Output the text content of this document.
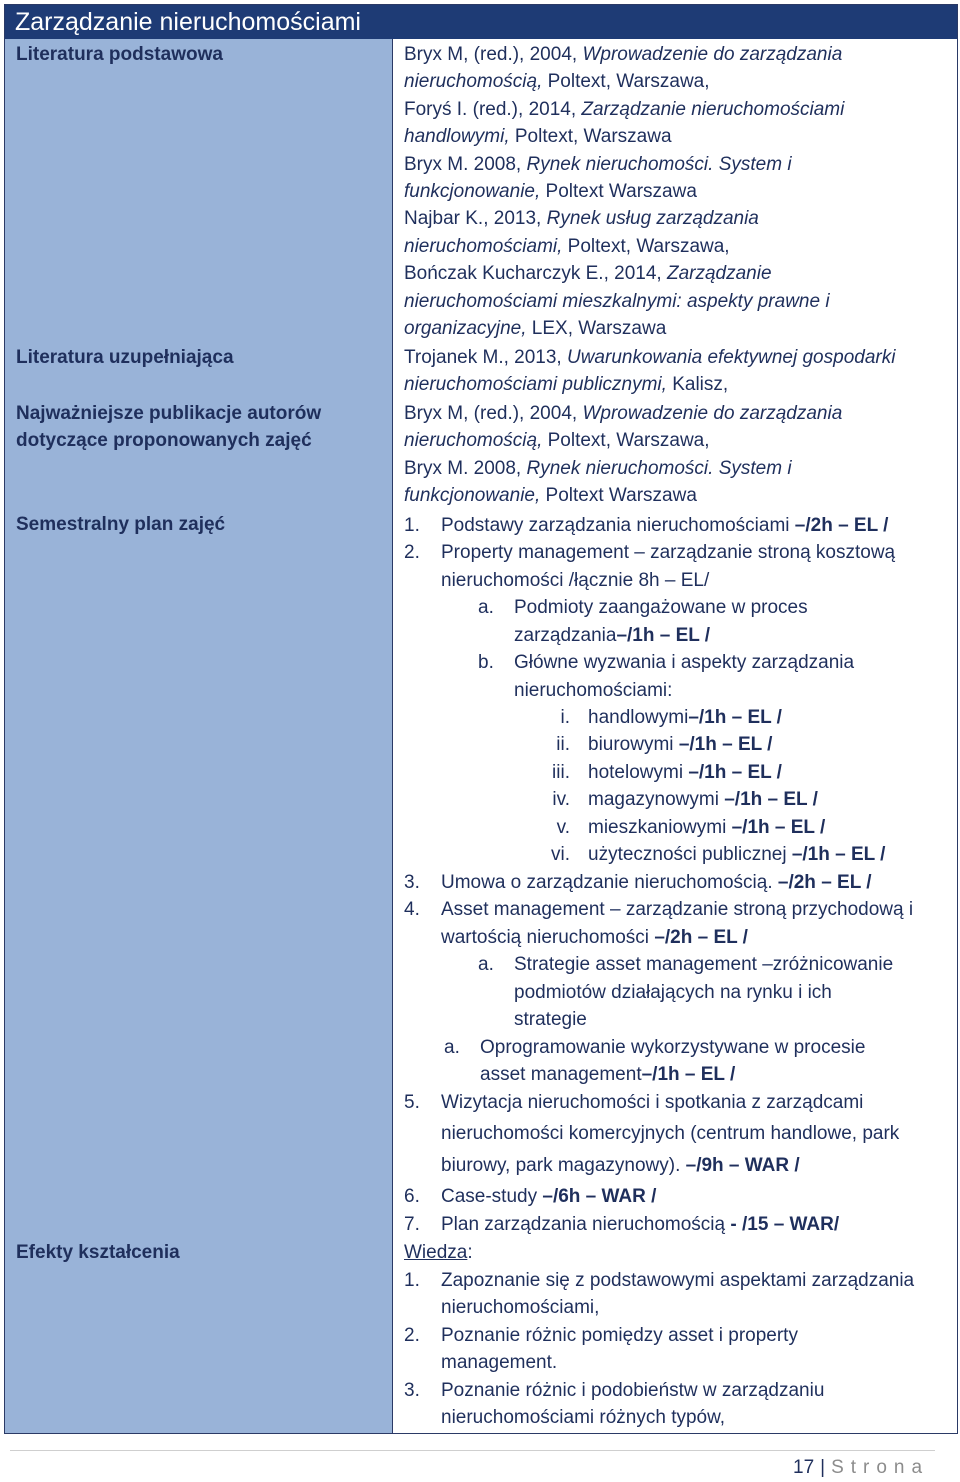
Zarządzanie nieruchomościami
Literatura podstawowa
Literatura uzupełniająca
Najważniejsze publikacje autorów
dotyczące proponowanych zajęć
Semestralny plan zajęć
Efekty kształcenia
Bryx M, (red.), 2004, Wprowadzenie do zarządzania nieruchomością, Poltext, Warszawa,
Foryś I. (red.), 2014, Zarządzanie nieruchomościami handlowymi, Poltext, Warszawa
Bryx M. 2008, Rynek nieruchomości. System i funkcjonowanie, Poltext Warszawa
Najbar K., 2013, Rynek usług zarządzania nieruchomościami, Poltext, Warszawa,
Bończak Kucharczyk E., 2014, Zarządzanie nieruchomościami mieszkalnymi: aspekty prawne i organizacyjne, LEX, Warszawa
Trojanek M., 2013, Uwarunkowania efektywnej gospodarki nieruchomościami publicznymi, Kalisz,
Bryx M, (red.), 2004, Wprowadzenie do zarządzania nieruchomością, Poltext, Warszawa,
Bryx M. 2008, Rynek nieruchomości. System i funkcjonowanie, Poltext Warszawa
1. Podstawy zarządzania nieruchomościami –/2h – EL /
2. Property management – zarządzanie stroną kosztową
nieruchomości /łącznie 8h – EL/
a. Podmioty zaangażowane w proces
zarządzania–/1h – EL /
b. Główne wyzwania i aspekty zarządzania
nieruchomościami:
i. handlowymi–/1h – EL /
ii. biurowymi –/1h – EL /
iii. hotelowymi –/1h – EL /
iv. magazynowymi –/1h – EL /
v. mieszkaniowymi –/1h – EL /
vi. użyteczności publicznej –/1h – EL /
3. Umowa o zarządzanie nieruchomością. –/2h – EL /
4. Asset management – zarządzanie stroną przychodową i
wartością nieruchomości –/2h – EL /
a. Strategie asset management –zróżnicowanie
podmiotów działających na rynku i ich
strategie
a. Oprogramowanie wykorzystywane w procesie
asset management–/1h – EL /
5. Wizytacja nieruchomości i spotkania z zarządcami
nieruchomości komercyjnych (centrum handlowe, park
biurowy, park magazynowy). –/9h – WAR /
6. Case-study –/6h – WAR /
7. Plan zarządzania nieruchomością - /15 – WAR/
Wiedza:
1. Zapoznanie się z podstawowymi aspektami zarządzania
nieruchomościami,
2. Poznanie różnic pomiędzy asset i property
management.
3. Poznanie różnic i podobieństw w zarządzaniu
nieruchomościami różnych typów,
17 | Strona
